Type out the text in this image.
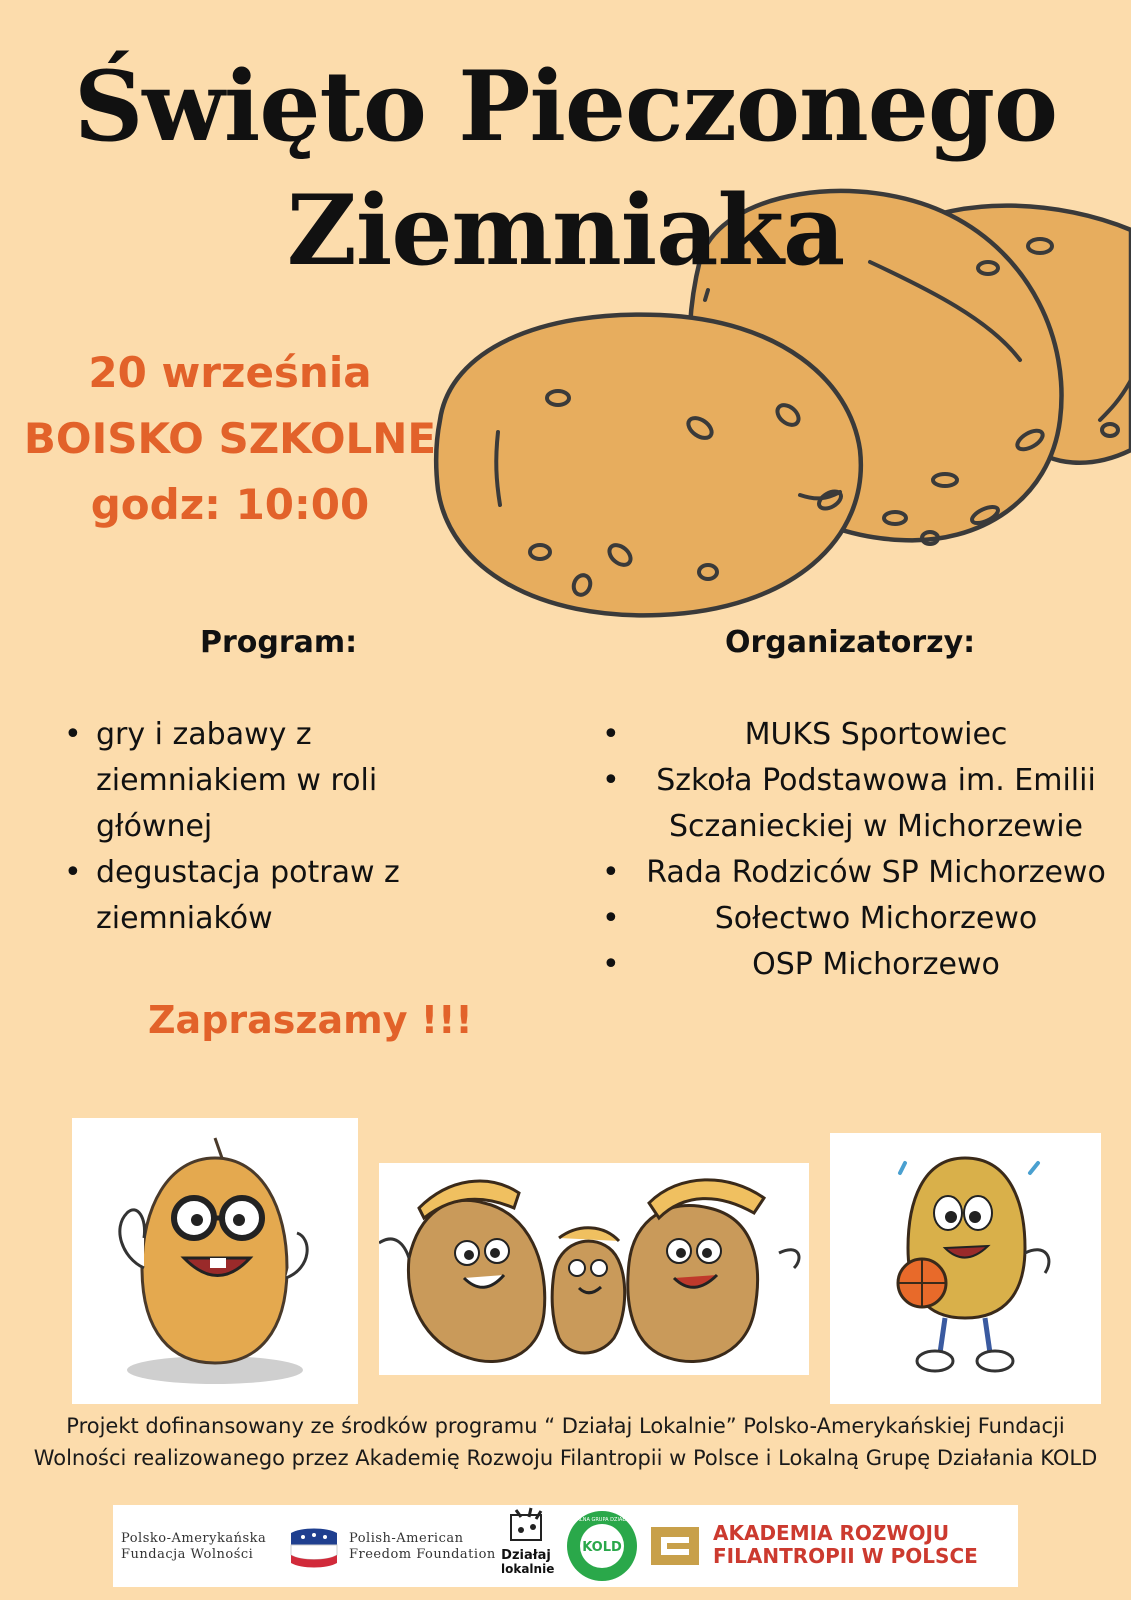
Święto Pieczonego
Ziemniaka
20 września
BOISKO SZKOLNE
godz: 10:00
Program:
• gry i zabawy z ziemniakiem w roli głównej
• degustacja potraw z ziemniaków
Organizatorzy:
• MUKS Sportowiec
• Szkoła Podstawowa im. Emilii Sczanieckiej w Michorzewie
• Rada Rodziców SP Michorzewo
• Sołectwo Michorzewo
• OSP Michorzewo
Zapraszamy !!!
Projekt dofinansowany ze środków programu “ Działaj Lokalnie” Polsko-Amerykańskiej Fundacji
Wolności realizowanego przez Akademię Rozwoju Filantropii w Polsce i Lokalną Grupę Działania KOLD
Polsko-Amerykańska
Fundacja Wolności
Polish-American
Freedom Foundation Działaj
lokalnie
KOLD
LOKALNA GRUPA DZIAŁANIA
AKADEMIA ROZWOJU
FILANTROPII W POLSCE
